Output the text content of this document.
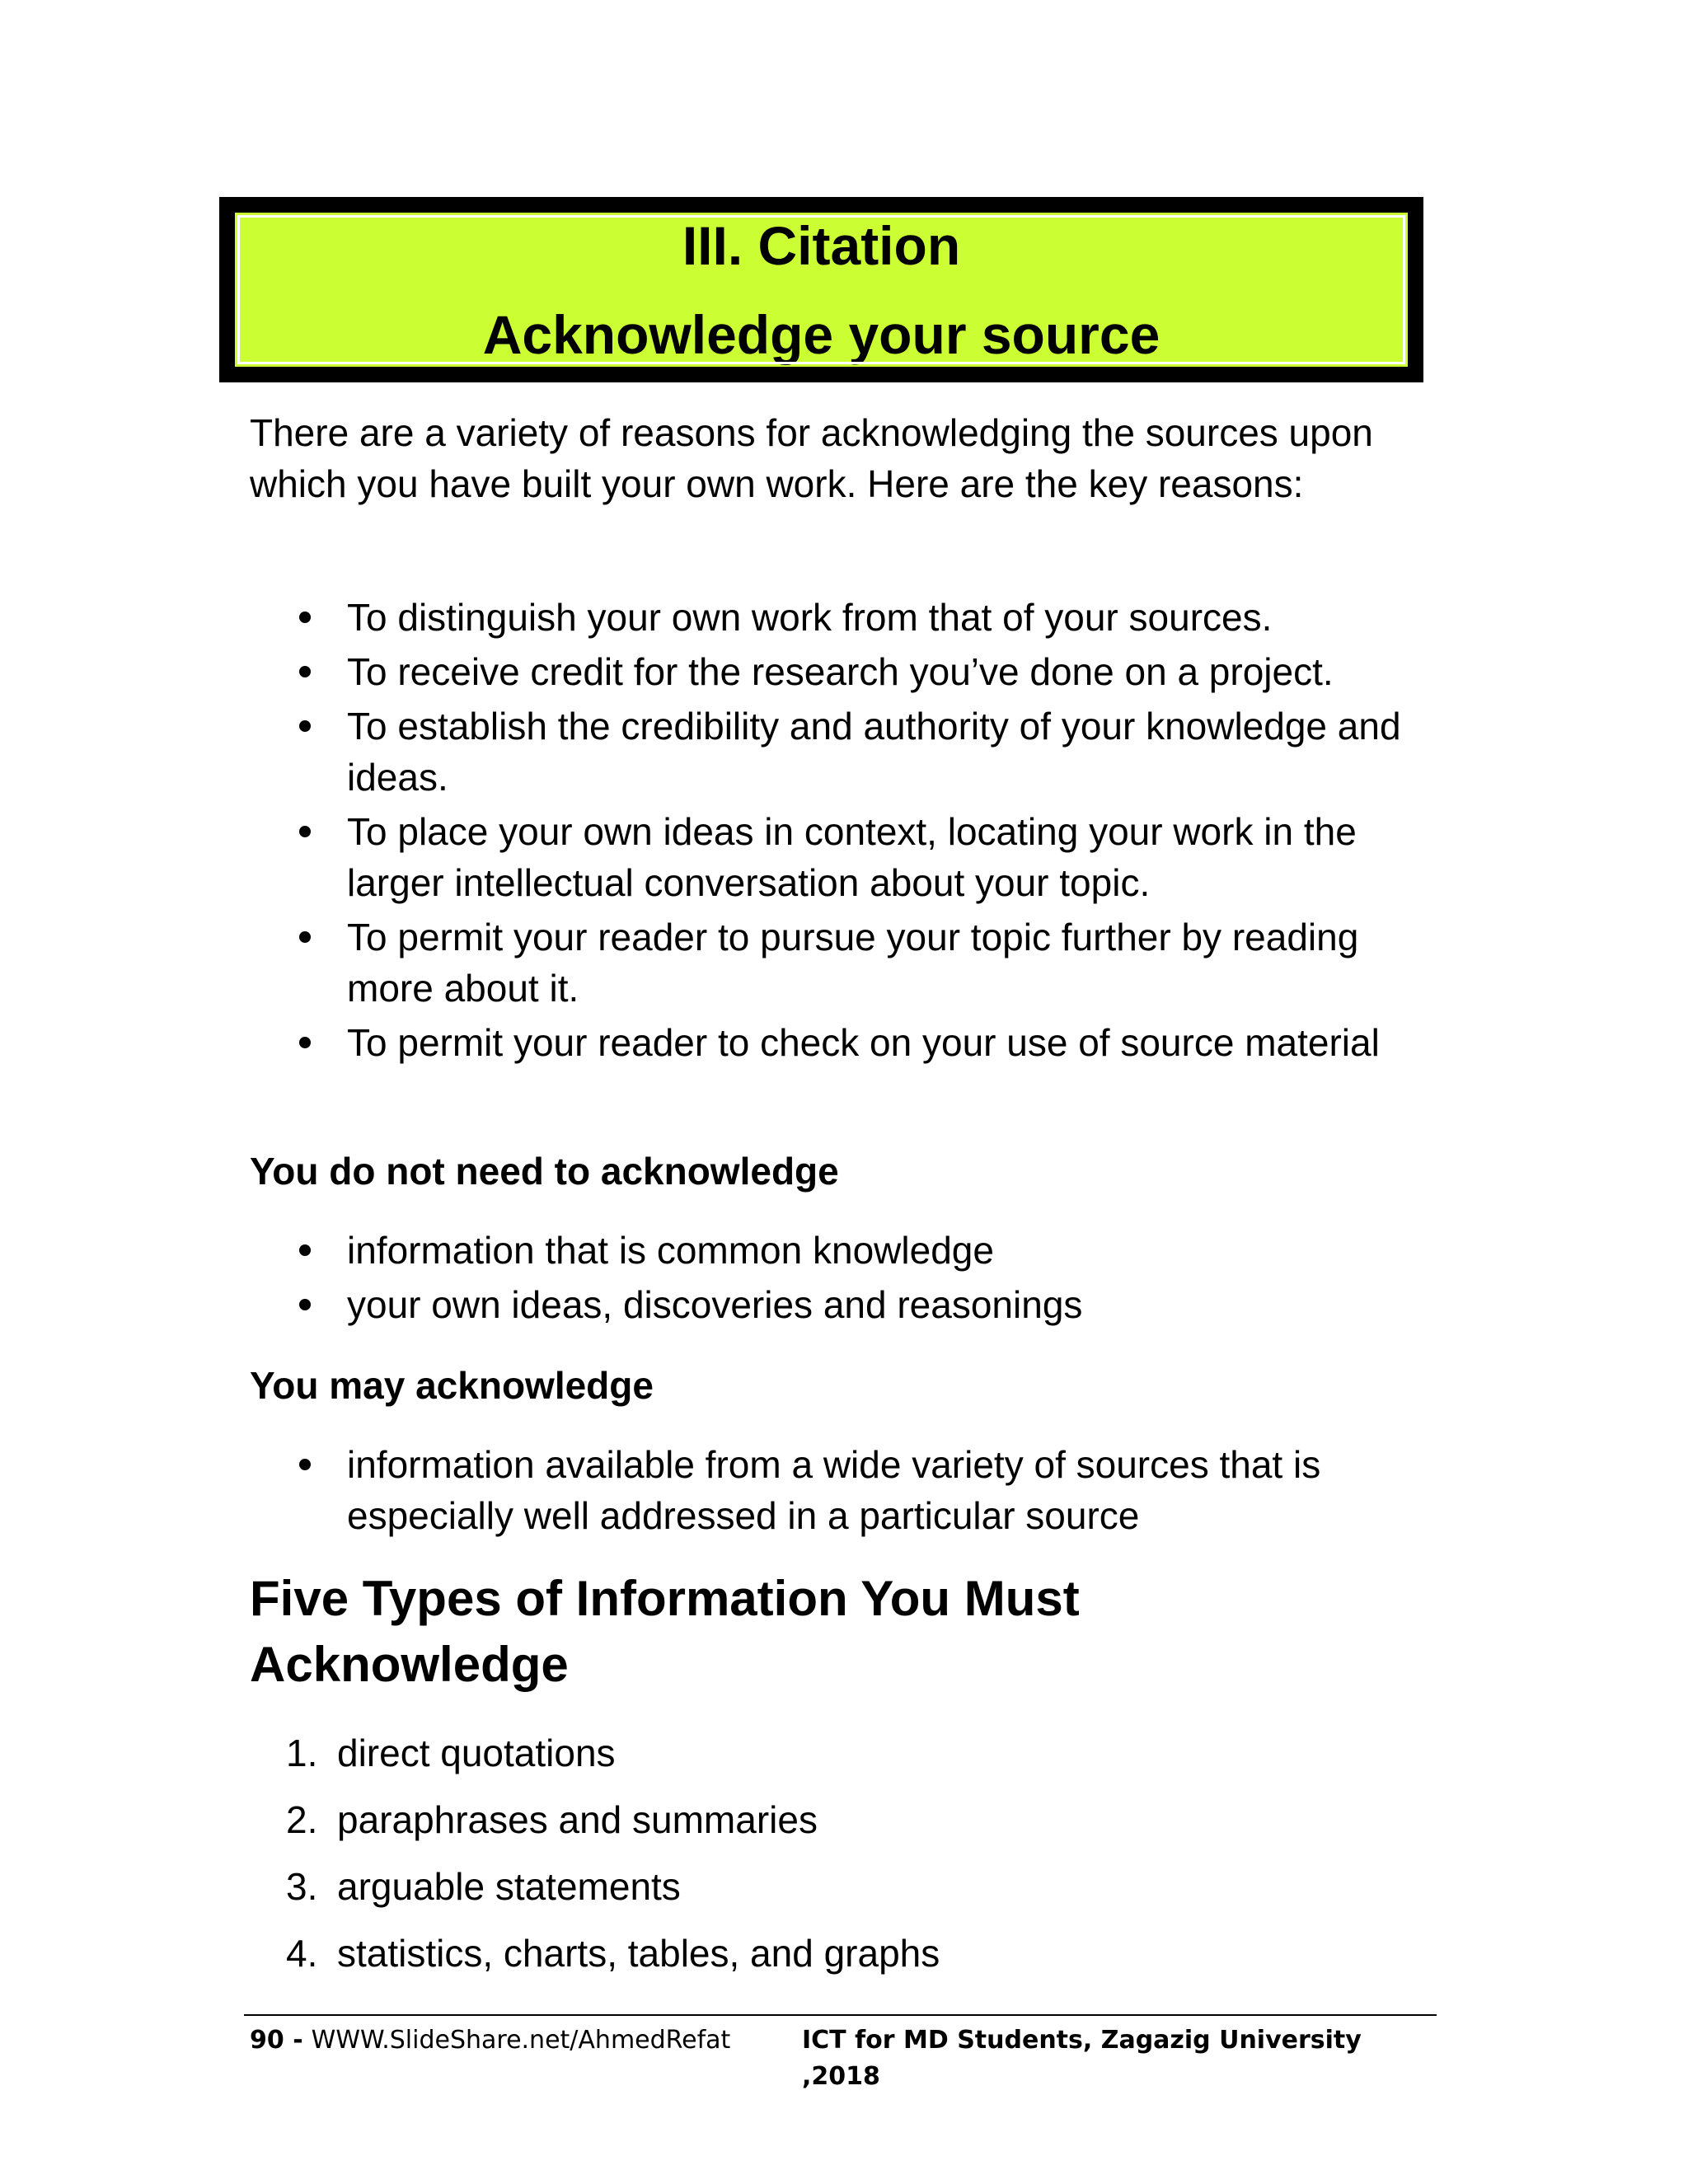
III. Citation
Acknowledge your source

There are a variety of reasons for acknowledging the sources upon which you have built your own work. Here are the key reasons:

To distinguish your own work from that of your sources.
To receive credit for the research you’ve done on a project.
To establish the credibility and authority of your knowledge and ideas.
To place your own ideas in context, locating your work in the larger intellectual conversation about your topic.
To permit your reader to pursue your topic further by reading more about it.
To permit your reader to check on your use of source material
You do not need to acknowledge
information that is common knowledge
your own ideas, discoveries and reasonings
You may acknowledge
information available from a wide variety of sources that is especially well addressed in a particular source
Five Types of Information You Must Acknowledge
1. direct quotations
2. paraphrases and summaries
3. arguable statements
4. statistics, charts, tables, and graphs
90 - WWW.SlideShare.net/AhmedRefat	ICT for MD Students, Zagazig University ,2018
